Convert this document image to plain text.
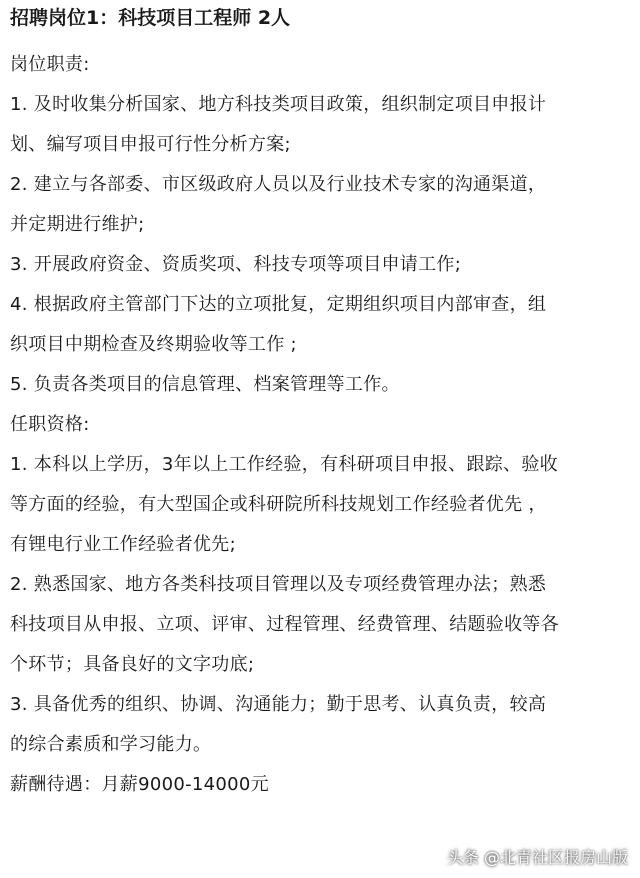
招聘岗位1：科技项目工程师 2人

岗位职责:

1. 及时收集分析国家、地方科技类项目政策，组织制定项目申报计

划、编写项目申报可行性分析方案;

2. 建立与各部委、市区级政府人员以及行业技术专家的沟通渠道，

并定期进行维护;

3. 开展政府资金、资质奖项、科技专项等项目申请工作;

4. 根据政府主管部门下达的立项批复，定期组织项目内部审查，组

织项目中期检查及终期验收等工作 ;

5. 负责各类项目的信息管理、档案管理等工作。

任职资格:

1. 本科以上学历，3年以上工作经验，有科研项目申报、跟踪、验收

等方面的经验，有大型国企或科研院所科技规划工作经验者优先 ，

有锂电行业工作经验者优先;

2. 熟悉国家、地方各类科技项目管理以及专项经费管理办法；熟悉

科技项目从申报、立项、评审、过程管理、经费管理、结题验收等各

个环节；具备良好的文字功底;

3. 具备优秀的组织、协调、沟通能力；勤于思考、认真负责，较高

的综合素质和学习能力。

薪酬待遇：月薪9000-14000元

头条 @北青社区报房山版
